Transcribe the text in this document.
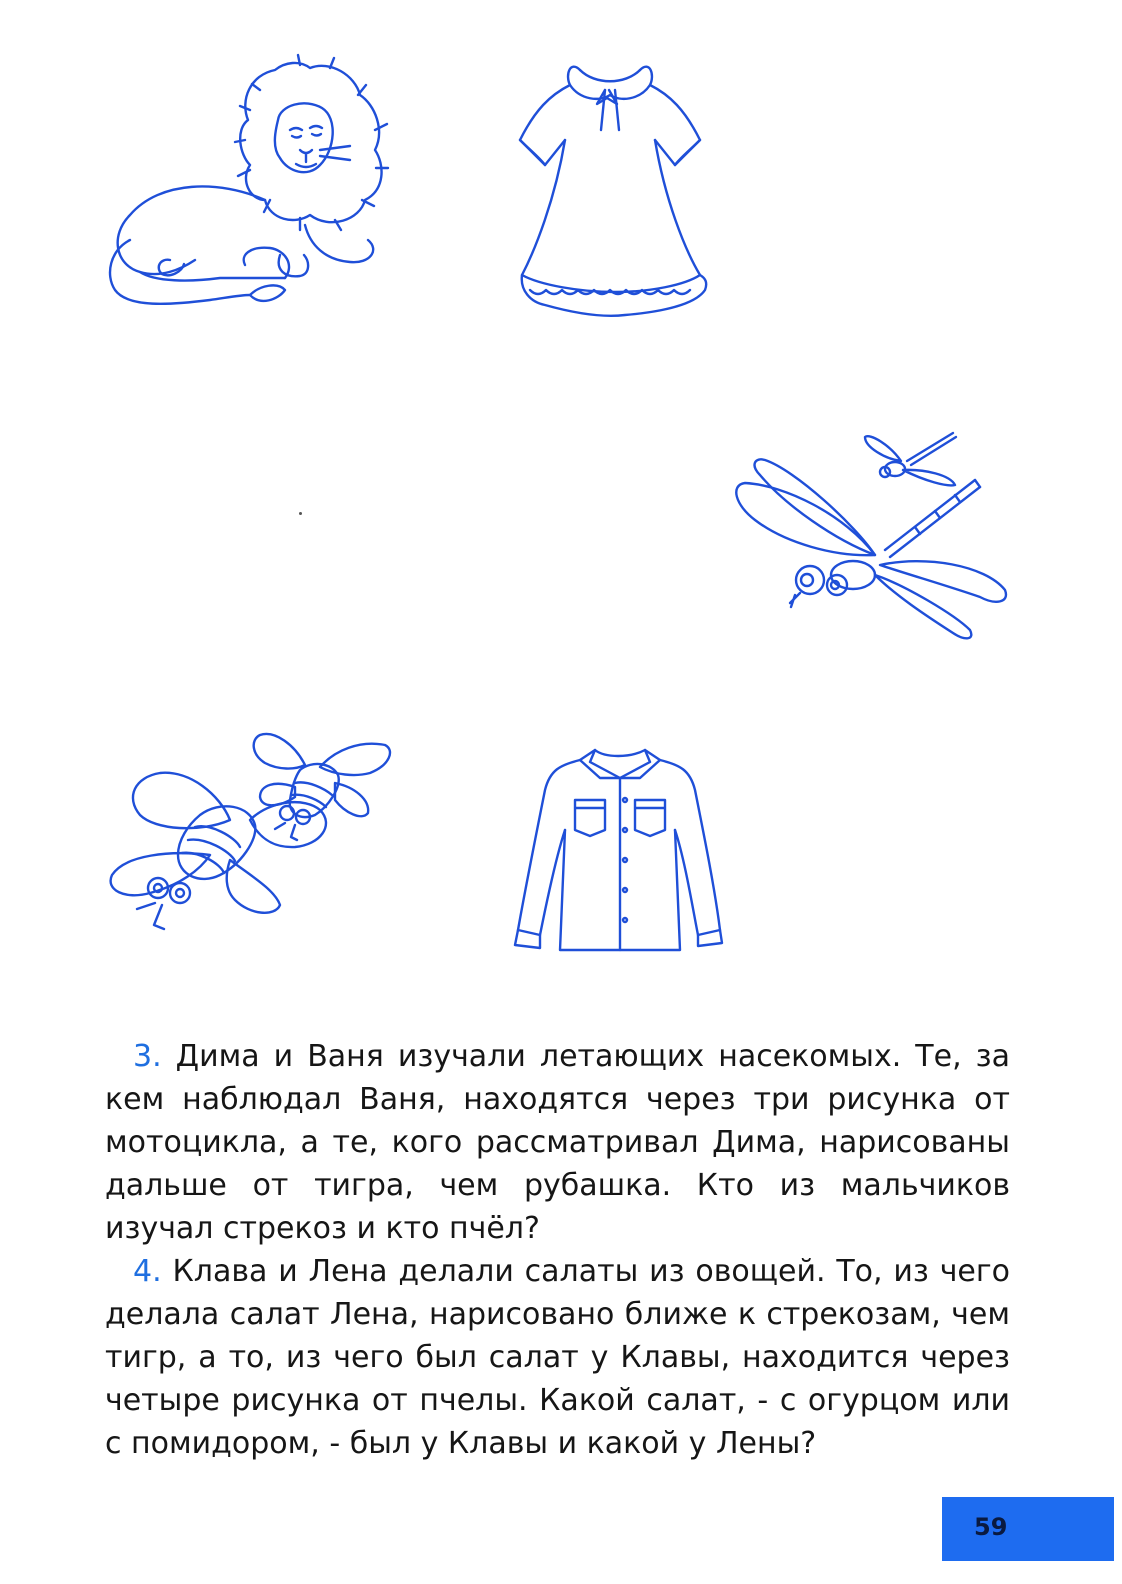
3. Дима и Ваня изучали летающих насекомых. Те, за кем наблюдал Ваня, находятся через три рисунка от мотоцикла, а те, кого рассматривал Дима, нарисованы дальше от тигра, чем рубашка. Кто из мальчиков изучал стрекоз и кто пчёл?

4. Клава и Лена делали салаты из овощей. То, из чего делала салат Лена, нарисовано ближе к стрекозам, чем тигр, а то, из чего был салат у Клавы, находится через четыре рисунка от пчелы. Какой салат, - с огурцом или с помидором, - был у Клавы и какой у Лены?

59
